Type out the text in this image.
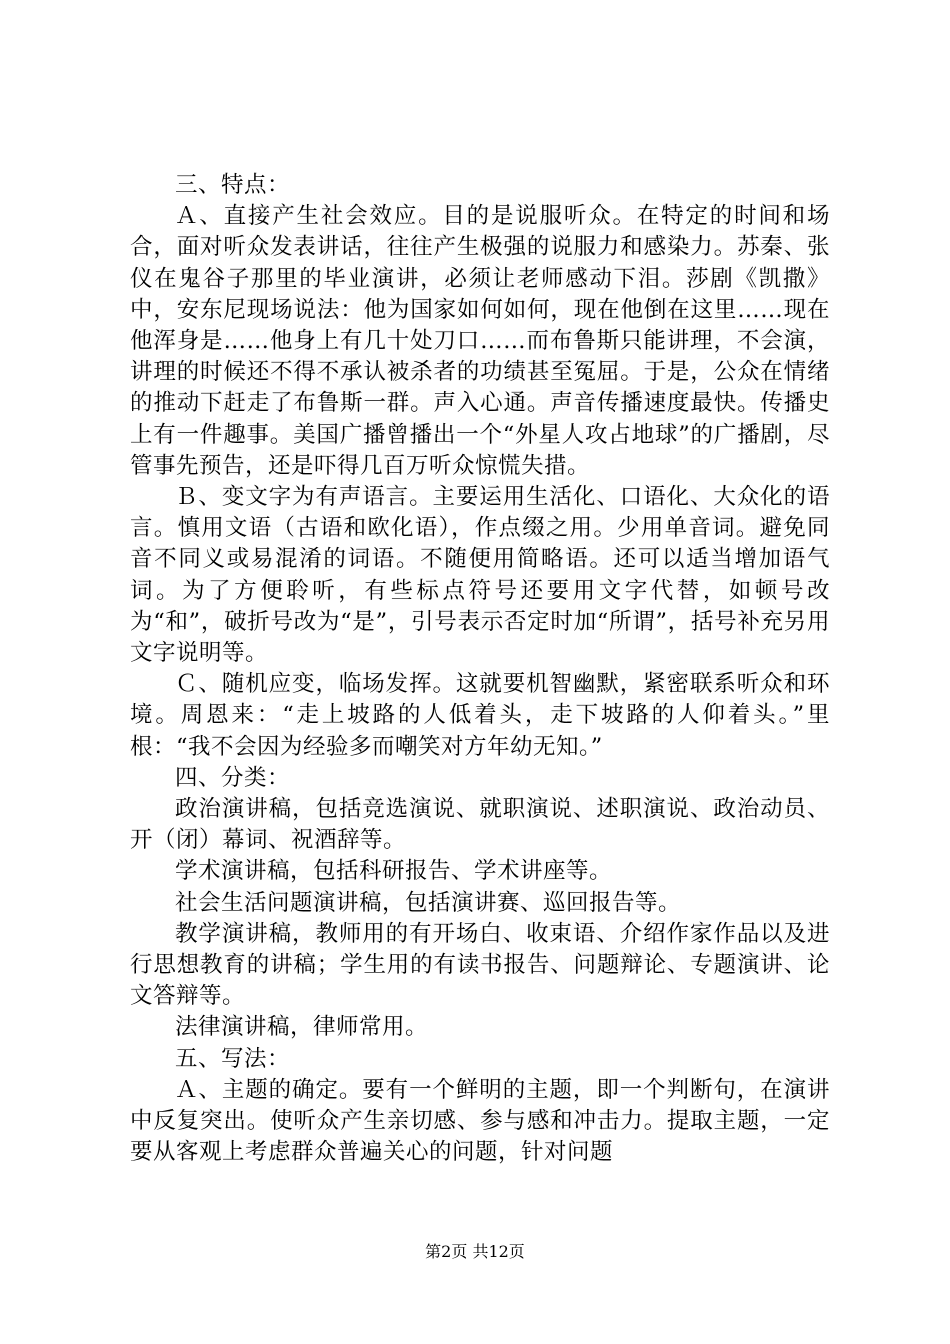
三、特点：

Ａ、直接产生社会效应。目的是说服听众。在特定的时间和场合，面对听众发表讲话，往往产生极强的说服力和感染力。苏秦、张仪在鬼谷子那里的毕业演讲，必须让老师感动下泪。莎剧《凯撒》中，安东尼现场说法：他为国家如何如何，现在他倒在这里……现在他浑身是……他身上有几十处刀口……而布鲁斯只能讲理，不会演，讲理的时候还不得不承认被杀者的功绩甚至冤屈。于是，公众在情绪的推动下赶走了布鲁斯一群。声入心通。声音传播速度最快。传播史上有一件趣事。美国广播曾播出一个“外星人攻占地球”的广播剧，尽管事先预告，还是吓得几百万听众惊慌失措。

Ｂ、变文字为有声语言。主要运用生活化、口语化、大众化的语言。慎用文语（古语和欧化语），作点缀之用。少用单音词。避免同音不同义或易混淆的词语。不随便用简略语。还可以适当增加语气词。为了方便聆听，有些标点符号还要用文字代替，如顿号改为“和”，破折号改为“是”，引号表示否定时加“所谓”，括号补充另用文字说明等。

Ｃ、随机应变，临场发挥。这就要机智幽默，紧密联系听众和环境。周恩来：“走上坡路的人低着头，走下坡路的人仰着头。”里根：“我不会因为经验多而嘲笑对方年幼无知。”

四、分类：

政治演讲稿，包括竞选演说、就职演说、述职演说、政治动员、开（闭）幕词、祝酒辞等。

学术演讲稿，包括科研报告、学术讲座等。

社会生活问题演讲稿，包括演讲赛、巡回报告等。

教学演讲稿，教师用的有开场白、收束语、介绍作家作品以及进行思想教育的讲稿；学生用的有读书报告、问题辩论、专题演讲、论文答辩等。

法律演讲稿，律师常用。

五、写法：

Ａ、主题的确定。要有一个鲜明的主题，即一个判断句，在演讲中反复突出。使听众产生亲切感、参与感和冲击力。提取主题，一定要从客观上考虑群众普遍关心的问题，针对问题

第2页 共12页
